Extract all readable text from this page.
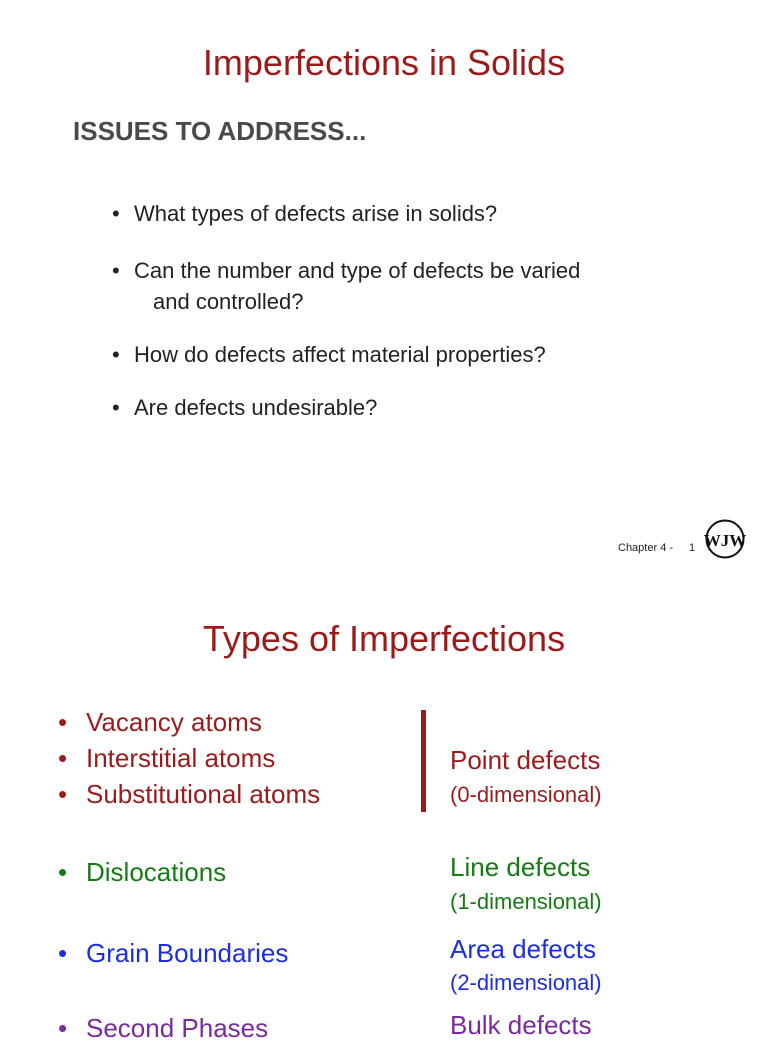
Imperfections in Solids
ISSUES TO ADDRESS...
• What types of defects arise in solids?
• Can the number and type of defects be varied
and controlled?
• How do defects affect material properties?
• Are defects undesirable?
Chapter 4 - 1 WJW
Types of Imperfections
• Vacancy atoms
• Interstitial atoms
• Substitutional atoms
Point defects
(0-dimensional)
• Dislocations	Line defects
(1-dimensional)
• Grain Boundaries	Area defects
(2-dimensional)
• Second Phases	Bulk defects
